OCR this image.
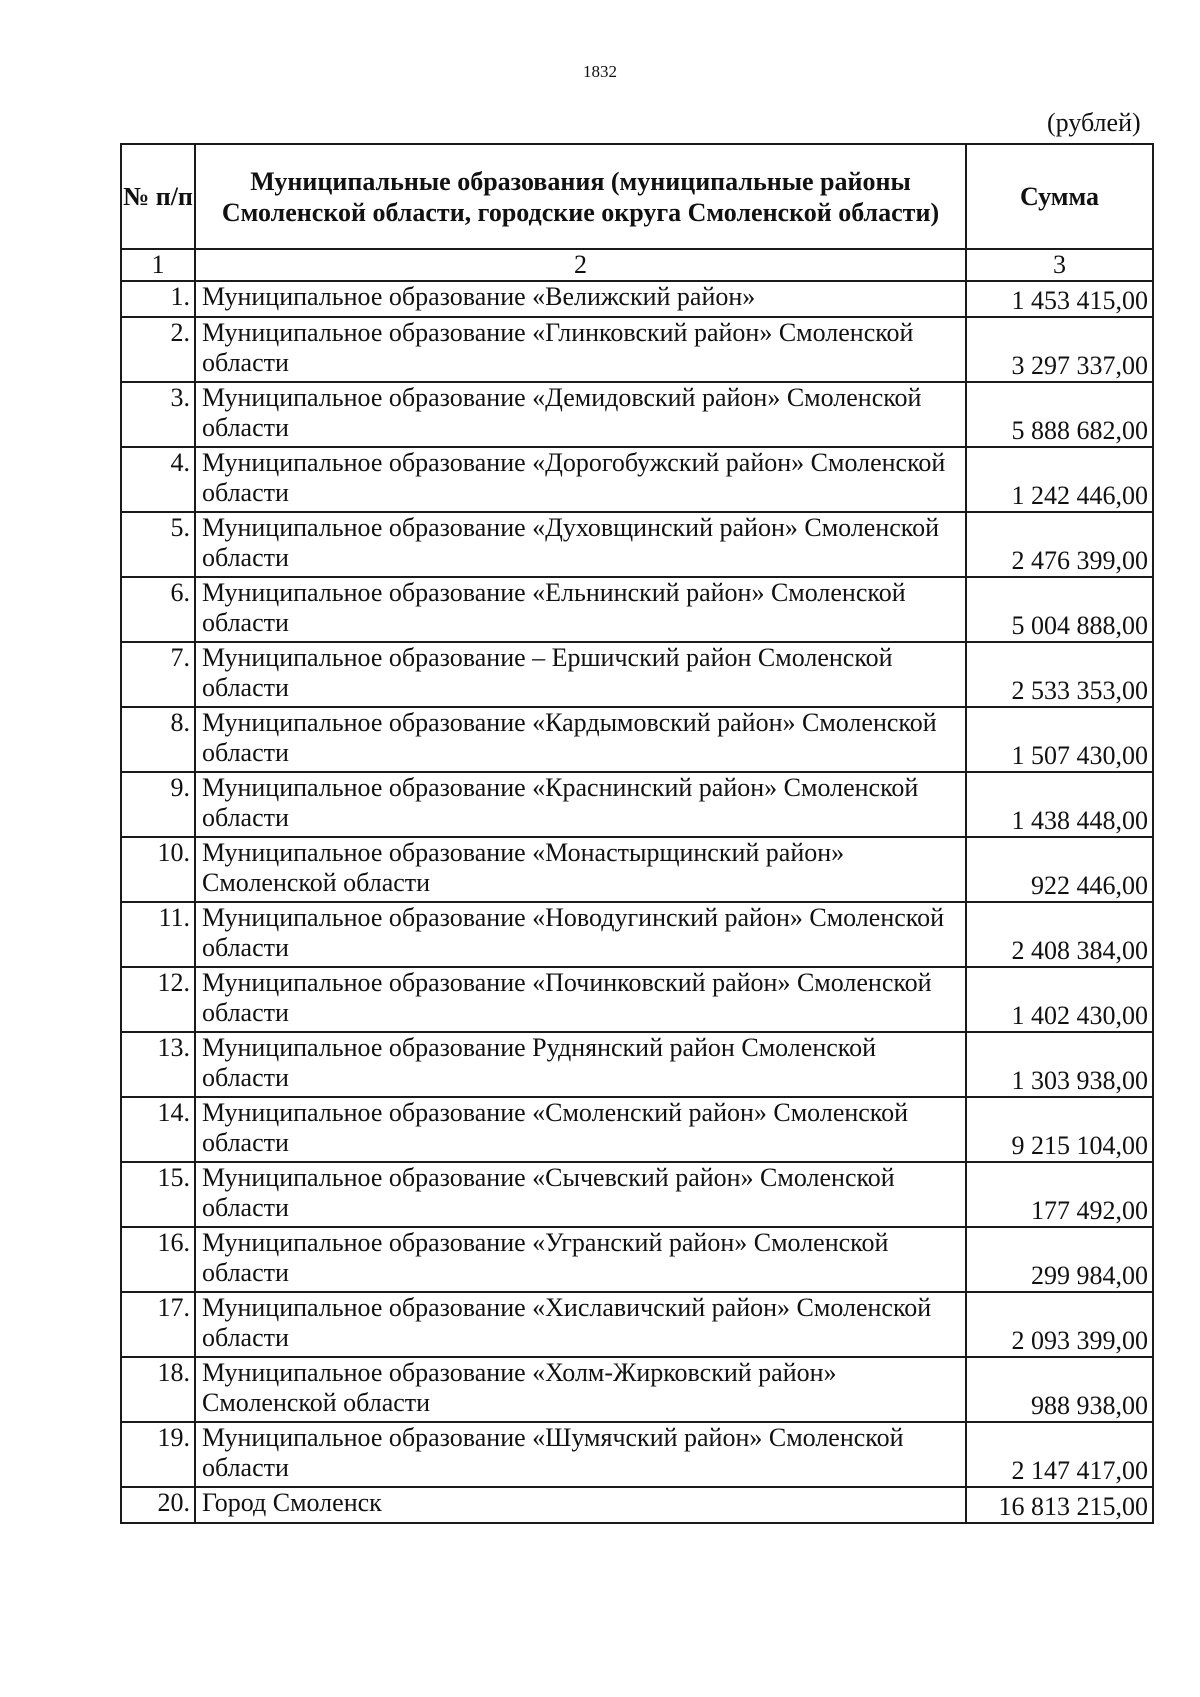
1832
(рублей)
№ п/п	Муниципальные образования (муниципальные районы Смоленской области, городские округа Смоленской области)	Сумма
1	2	3
1.	Муниципальное образование «Велижский район»	1 453 415,00
2.	Муниципальное образование «Глинковский район» Смоленской области	3 297 337,00
3.	Муниципальное образование «Демидовский район» Смоленской области	5 888 682,00
4.	Муниципальное образование «Дорогобужский район» Смоленской области	1 242 446,00
5.	Муниципальное образование «Духовщинский район» Смоленской области	2 476 399,00
6.	Муниципальное образование «Ельнинский район» Смоленской области	5 004 888,00
7.	Муниципальное образование – Ершичский район Смоленской области	2 533 353,00
8.	Муниципальное образование «Кардымовский район» Смоленской области	1 507 430,00
9.	Муниципальное образование «Краснинский район» Смоленской области	1 438 448,00
10.	Муниципальное образование «Монастырщинский район» Смоленской области	922 446,00
11.	Муниципальное образование «Новодугинский район» Смоленской области	2 408 384,00
12.	Муниципальное образование «Починковский район» Смоленской области	1 402 430,00
13.	Муниципальное образование Руднянский район Смоленской области	1 303 938,00
14.	Муниципальное образование «Смоленский район» Смоленской области	9 215 104,00
15.	Муниципальное образование «Сычевский район» Смоленской области	177 492,00
16.	Муниципальное образование «Угранский район» Смоленской области	299 984,00
17.	Муниципальное образование «Хиславичский район» Смоленской области	2 093 399,00
18.	Муниципальное образование «Холм-Жирковский район» Смоленской области	988 938,00
19.	Муниципальное образование «Шумячский район» Смоленской области	2 147 417,00
20.	Город Смоленск	16 813 215,00
